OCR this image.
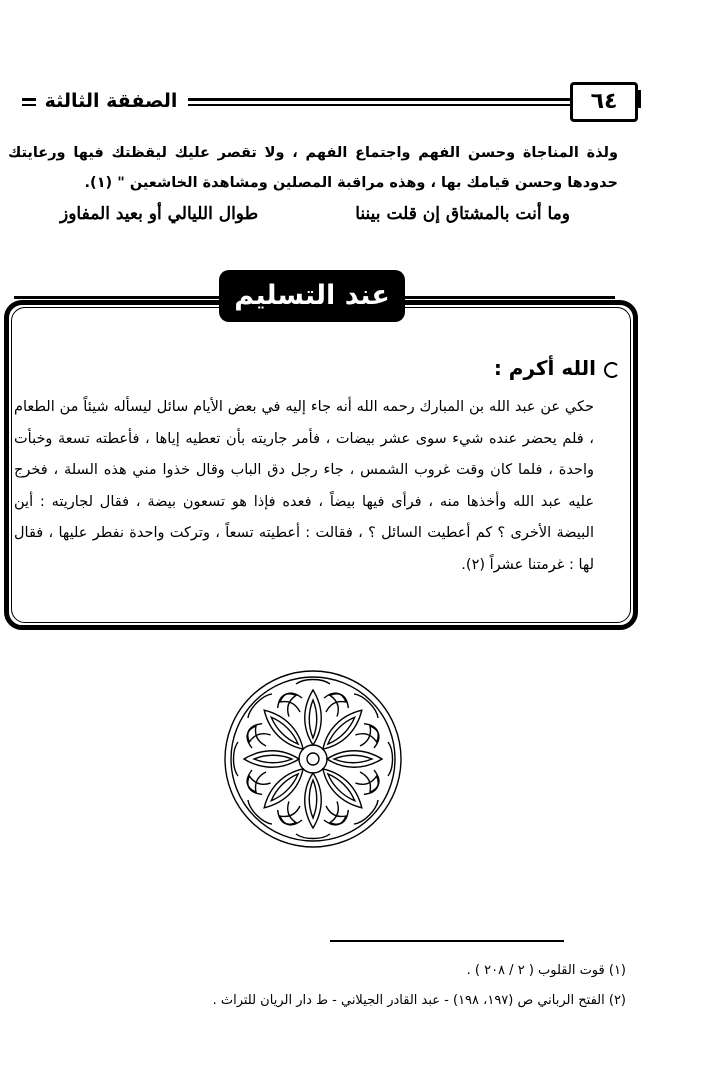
الصفقة الثالثة	٦٤
ولذة المناجاة وحسن الفهم واجتماع الفهم ، ولا تقصر عليك ليقظتك فيها ورعايتك حدودها وحسن قيامك بها ، وهذه مراقبة المصلين ومشاهدة الخاشعين " (١).
وما أنت بالمشتاق إن قلت بيننا
طوال الليالي أو بعيد المفاوز
عند التسليم
الله أكرم :
حكي عن عبد الله بن المبارك رحمه الله أنه جاء إليه في بعض الأيام سائل ليسأله شيئاً من الطعام ، فلم يحضر عنده شيء سوى عشر بيضات ، فأمر جاريته بأن تعطيه إياها ، فأعطته تسعة وخبأت واحدة ، فلما كان وقت غروب الشمس ، جاء رجل دق الباب وقال خذوا مني هذه السلة ، فخرج عليه عبد الله وأخذها منه ، فرأى فيها بيضاً ، فعده فإذا هو تسعون بيضة ، فقال لجاريته : أين البيضة الأخرى ؟ كم أعطيت السائل ؟ ، فقالت : أعطيته تسعاً ، وتركت واحدة نفطر عليها ، فقال لها : غرمتنا عشراً (٢).
(١) قوت القلوب ( ٢ / ٢٠٨ ) .
(٢) الفتح الرباني ص (١٩٧، ١٩٨) - عبد القادر الجيلاني - ط دار الريان للتراث .
